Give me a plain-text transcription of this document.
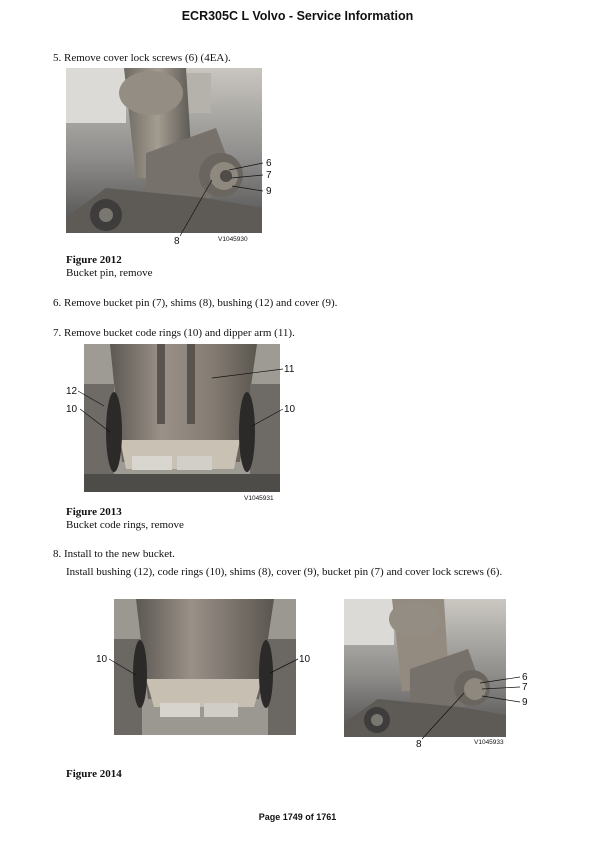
ECR305C L Volvo - Service Information
5. Remove cover lock screws (6) (4EA).
6
7
9
8	V1045930
Figure 2012
Bucket pin, remove
6. Remove bucket pin (7), shims (8), bushing (12) and cover (9).
7. Remove bucket code rings (10) and dipper arm (11).
11
12
10	10
V1045931
Figure 2013
Bucket code rings, remove
8. Install to the new bucket.
Install bushing (12), code rings (10), shims (8), cover (9), bucket pin (7) and cover lock screws (6).
10	10
6
7
9
8	V1045933
Figure 2014
Page 1749 of 1761
